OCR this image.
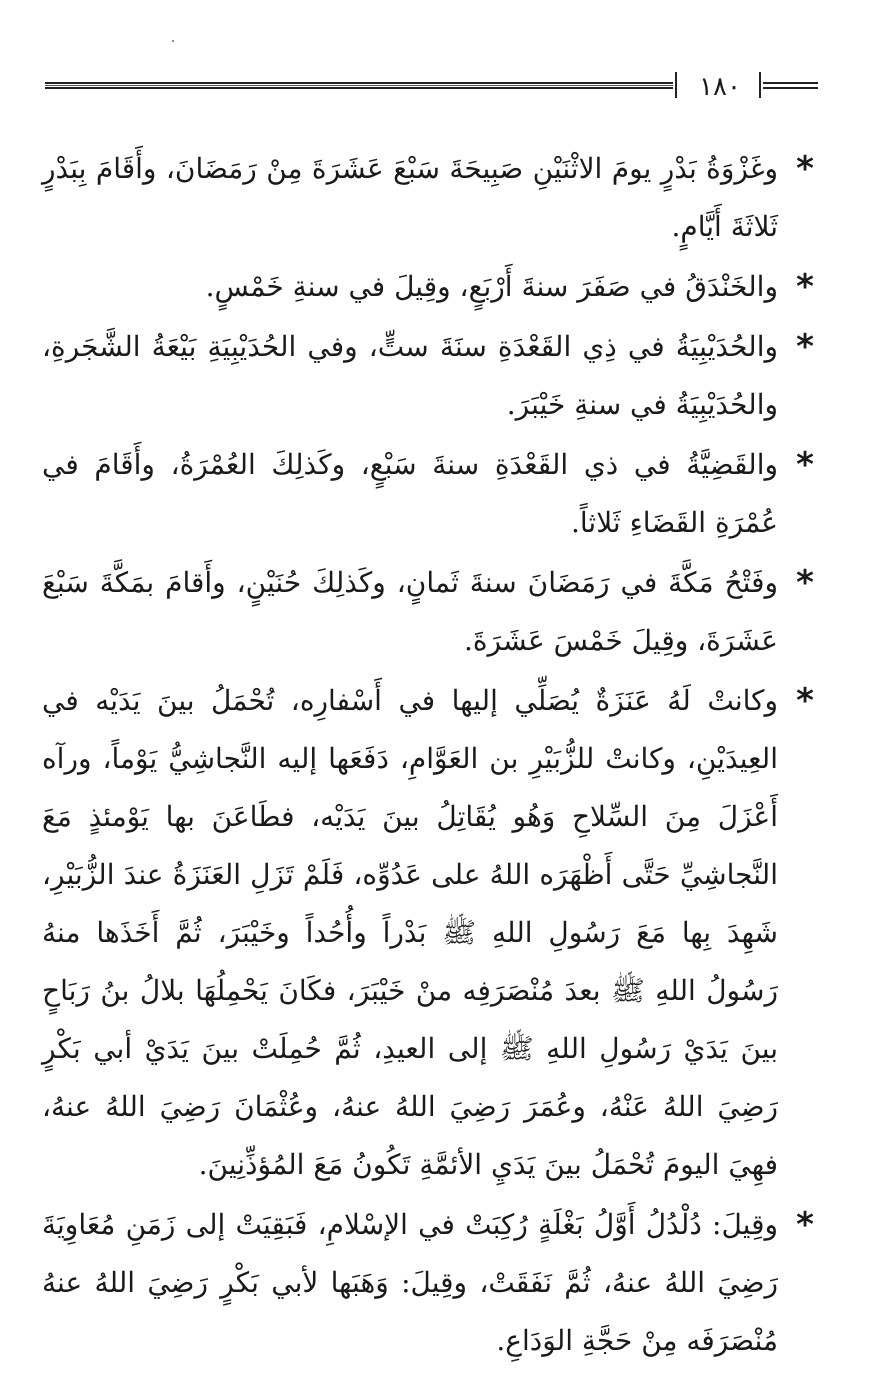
١٨٠
*
وغَزْوَةُ بَدْرٍ يومَ الاثْنَيْنِ صَبِيحَةَ سَبْعَ عَشَرَةَ مِنْ رَمَضَانَ، وأَقَامَ بِبَدْرٍ ثَلاثَةَ أَيَّامٍ.
*
والخَنْدَقُ في صَفَرَ سنةَ أَرْبَعٍ، وقِيلَ في سنةِ خَمْسٍ.
*
والحُدَيْبِيَةُ في ذِي القَعْدَةِ سنَةَ ستٍّ، وفي الحُدَيْبِيَةِ بَيْعَةُ الشَّجَرةِ، والحُدَيْبِيَةُ في سنةِ خَيْبَرَ.
*
والقَضِيَّةُ في ذي القَعْدَةِ سنةَ سَبْعٍ، وكَذلِكَ العُمْرَةُ، وأَقَامَ في عُمْرَةِ القَضَاءِ ثَلاثاً.
*
وفَتْحُ مَكَّةَ في رَمَضَانَ سنةَ ثَمانٍ، وكَذلِكَ حُنَيْنٍ، وأَقامَ بمَكَّةَ سَبْعَ عَشَرَةَ، وقِيلَ خَمْسَ عَشَرَةَ.
*
وكانتْ لَهُ عَنَزَةٌ يُصَلِّي إليها في أَسْفارِه، تُحْمَلُ بينَ يَدَيْه في العِيدَيْنِ، وكانتْ للزُّبَيْرِ بن العَوَّامِ، دَفَعَها إليه النَّجاشِيُّ يَوْماً، ورآه أَعْزَلَ مِنَ السِّلاحِ وَهُو يُقَاتِلُ بينَ يَدَيْه، فطَاعَنَ بها يَوْمئذٍ مَعَ النَّجاشِيِّ حَتَّى أَظْهَرَه اللهُ على عَدُوِّه، فَلَمْ تَزَلِ العَنَزَةُ عندَ الزُّبَيْرِ، شَهِدَ بِها مَعَ رَسُولِ اللهِ ﷺ بَدْراً وأُحُداً وخَيْبَرَ، ثُمَّ أَخَذَها منهُ رَسُولُ اللهِ ﷺ بعدَ مُنْصَرَفِه منْ خَيْبَرَ، فكَانَ يَحْمِلُهَا بلالُ بنُ رَبَاحٍ بينَ يَدَيْ رَسُولِ اللهِ ﷺ إلى العيدِ، ثُمَّ حُمِلَتْ بينَ يَدَيْ أبي بَكْرٍ رَضِيَ اللهُ عَنْهُ، وعُمَرَ رَضِيَ اللهُ عنهُ، وعُثْمَانَ رَضِيَ اللهُ عنهُ، فهِيَ اليومَ تُحْمَلُ بينَ يَدَيِ الأئمَّةِ تَكُونُ مَعَ المُؤذِّنِينَ.
*
وقِيلَ: دُلْدُلُ أَوَّلُ بَغْلَةٍ رُكِبَتْ في الإسْلامِ، فَبَقِيَتْ إلى زَمَنِ مُعَاوِيَةَ رَضِيَ اللهُ عنهُ، ثُمَّ نَفَقَتْ، وقِيلَ: وَهَبَها لأبي بَكْرٍ رَضِيَ اللهُ عنهُ مُنْصَرَفَه مِنْ حَجَّةِ الوَدَاعِ.
